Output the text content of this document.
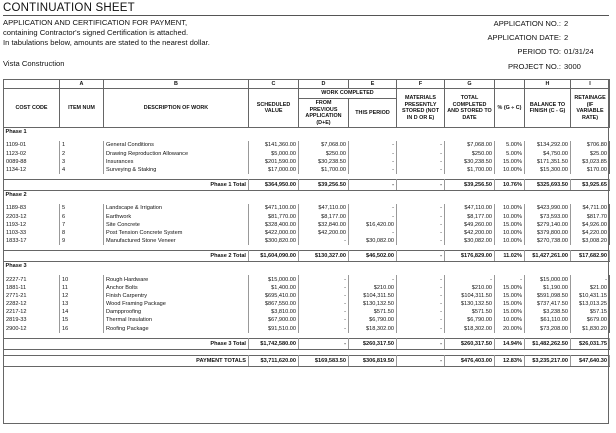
CONTINUATION SHEET
APPLICATION AND CERTIFICATION FOR PAYMENT,
containing Contractor's signed Certification is attached.
In tabulations below, amounts are stated to the nearest dollar.
Vista Construction
APPLICATION NO.: 2
APPLICATION DATE: 2
PERIOD TO: 01/31/24
PROJECT NO.: 3000
	A	B	C	D	E	F	G		H	I
COST CODE	ITEM NUM	DESCRIPTION OF WORK	SCHEDULED VALUE	WORK COMPLETED		MATERIALS PRESENTLY STORED (NOT IN D OR E)	TOTAL COMPLETED AND STORED TO DATE	% (G ÷ C)	BALANCE TO FINISH (C - G)	RETAINAGE (IF VARIABLE RATE)
				FROM PREVIOUS APPLICATION (D+E)	THIS PERIOD					
Phase 1										

1109-01	1	General Conditions	$141,360.00	$7,068.00	-	-	$7,068.00	5.00%	$134,292.00	$706.80
1123-02	2	Drawing Reproduction Allowance	$5,000.00	$250.00	-	-	$250.00	5.00%	$4,750.00	$25.00
0089-88	3	Insurances	$201,590.00	$30,238.50	-	-	$30,238.50	15.00%	$171,351.50	$3,023.85
1134-12	4	Surveying & Staking	$17,000.00	$1,700.00	-	-	$1,700.00	10.00%	$15,300.00	$170.00

Phase 1 Total			$364,950.00	$39,256.50	-	-	$39,256.50	10.76%	$325,693.50	$3,925.65
Phase 2										

1189-83	5	Landscape & Irrigation	$471,100.00	$47,110.00	-	-	$47,110.00	10.00%	$423,990.00	$4,711.00
2203-12	6	Earthwork	$81,770.00	$8,177.00	-	-	$8,177.00	10.00%	$73,593.00	$817.70
1193-12	7	Site Concrete	$328,400.00	$32,840.00	$16,420.00	-	$49,260.00	15.00%	$279,140.00	$4,926.00
1103-33	8	Post Tension Concrete System	$422,000.00	$42,200.00	-	-	$42,200.00	10.00%	$379,800.00	$4,220.00
1833-17	9	Manufactured Stone Veneer	$300,820.00	-	$30,082.00	-	$30,082.00	10.00%	$270,738.00	$3,008.20

Phase 2 Total			$1,604,090.00	$130,327.00	$46,502.00	-	$176,829.00	11.02%	$1,427,261.00	$17,682.90
Phase 3										

2227-71	10	Rough Hardware	$15,000.00	-	-	-	-	-	$15,000.00	-
1881-11	11	Anchor Bolts	$1,400.00	-	$210.00	-	$210.00	15.00%	$1,190.00	$21.00
2771-21	12	Finish Carpentry	$695,410.00	-	$104,311.50	-	$104,311.50	15.00%	$591,098.50	$10,431.15
2282-12	13	Wood Framing Package	$867,550.00	-	$130,132.50	-	$130,132.50	15.00%	$737,417.50	$13,013.25
2217-12	14	Dampproofing	$3,810.00	-	$571.50	-	$571.50	15.00%	$3,238.50	$57.15
2819-33	15	Thermal Insulation	$67,900.00	-	$6,790.00	-	$6,790.00	10.00%	$61,110.00	$679.00
2900-12	16	Roofing Package	$91,510.00	-	$18,302.00	-	$18,302.00	20.00%	$73,208.00	$1,830.20

Phase 3 Total			$1,742,580.00	-	$260,317.50	-	$260,317.50	14.94%	$1,482,262.50	$26,031.75

PAYMENT TOTALS			$3,711,620.00	$169,583.50	$306,819.50	-	$476,403.00	12.83%	$3,235,217.00	$47,640.30
